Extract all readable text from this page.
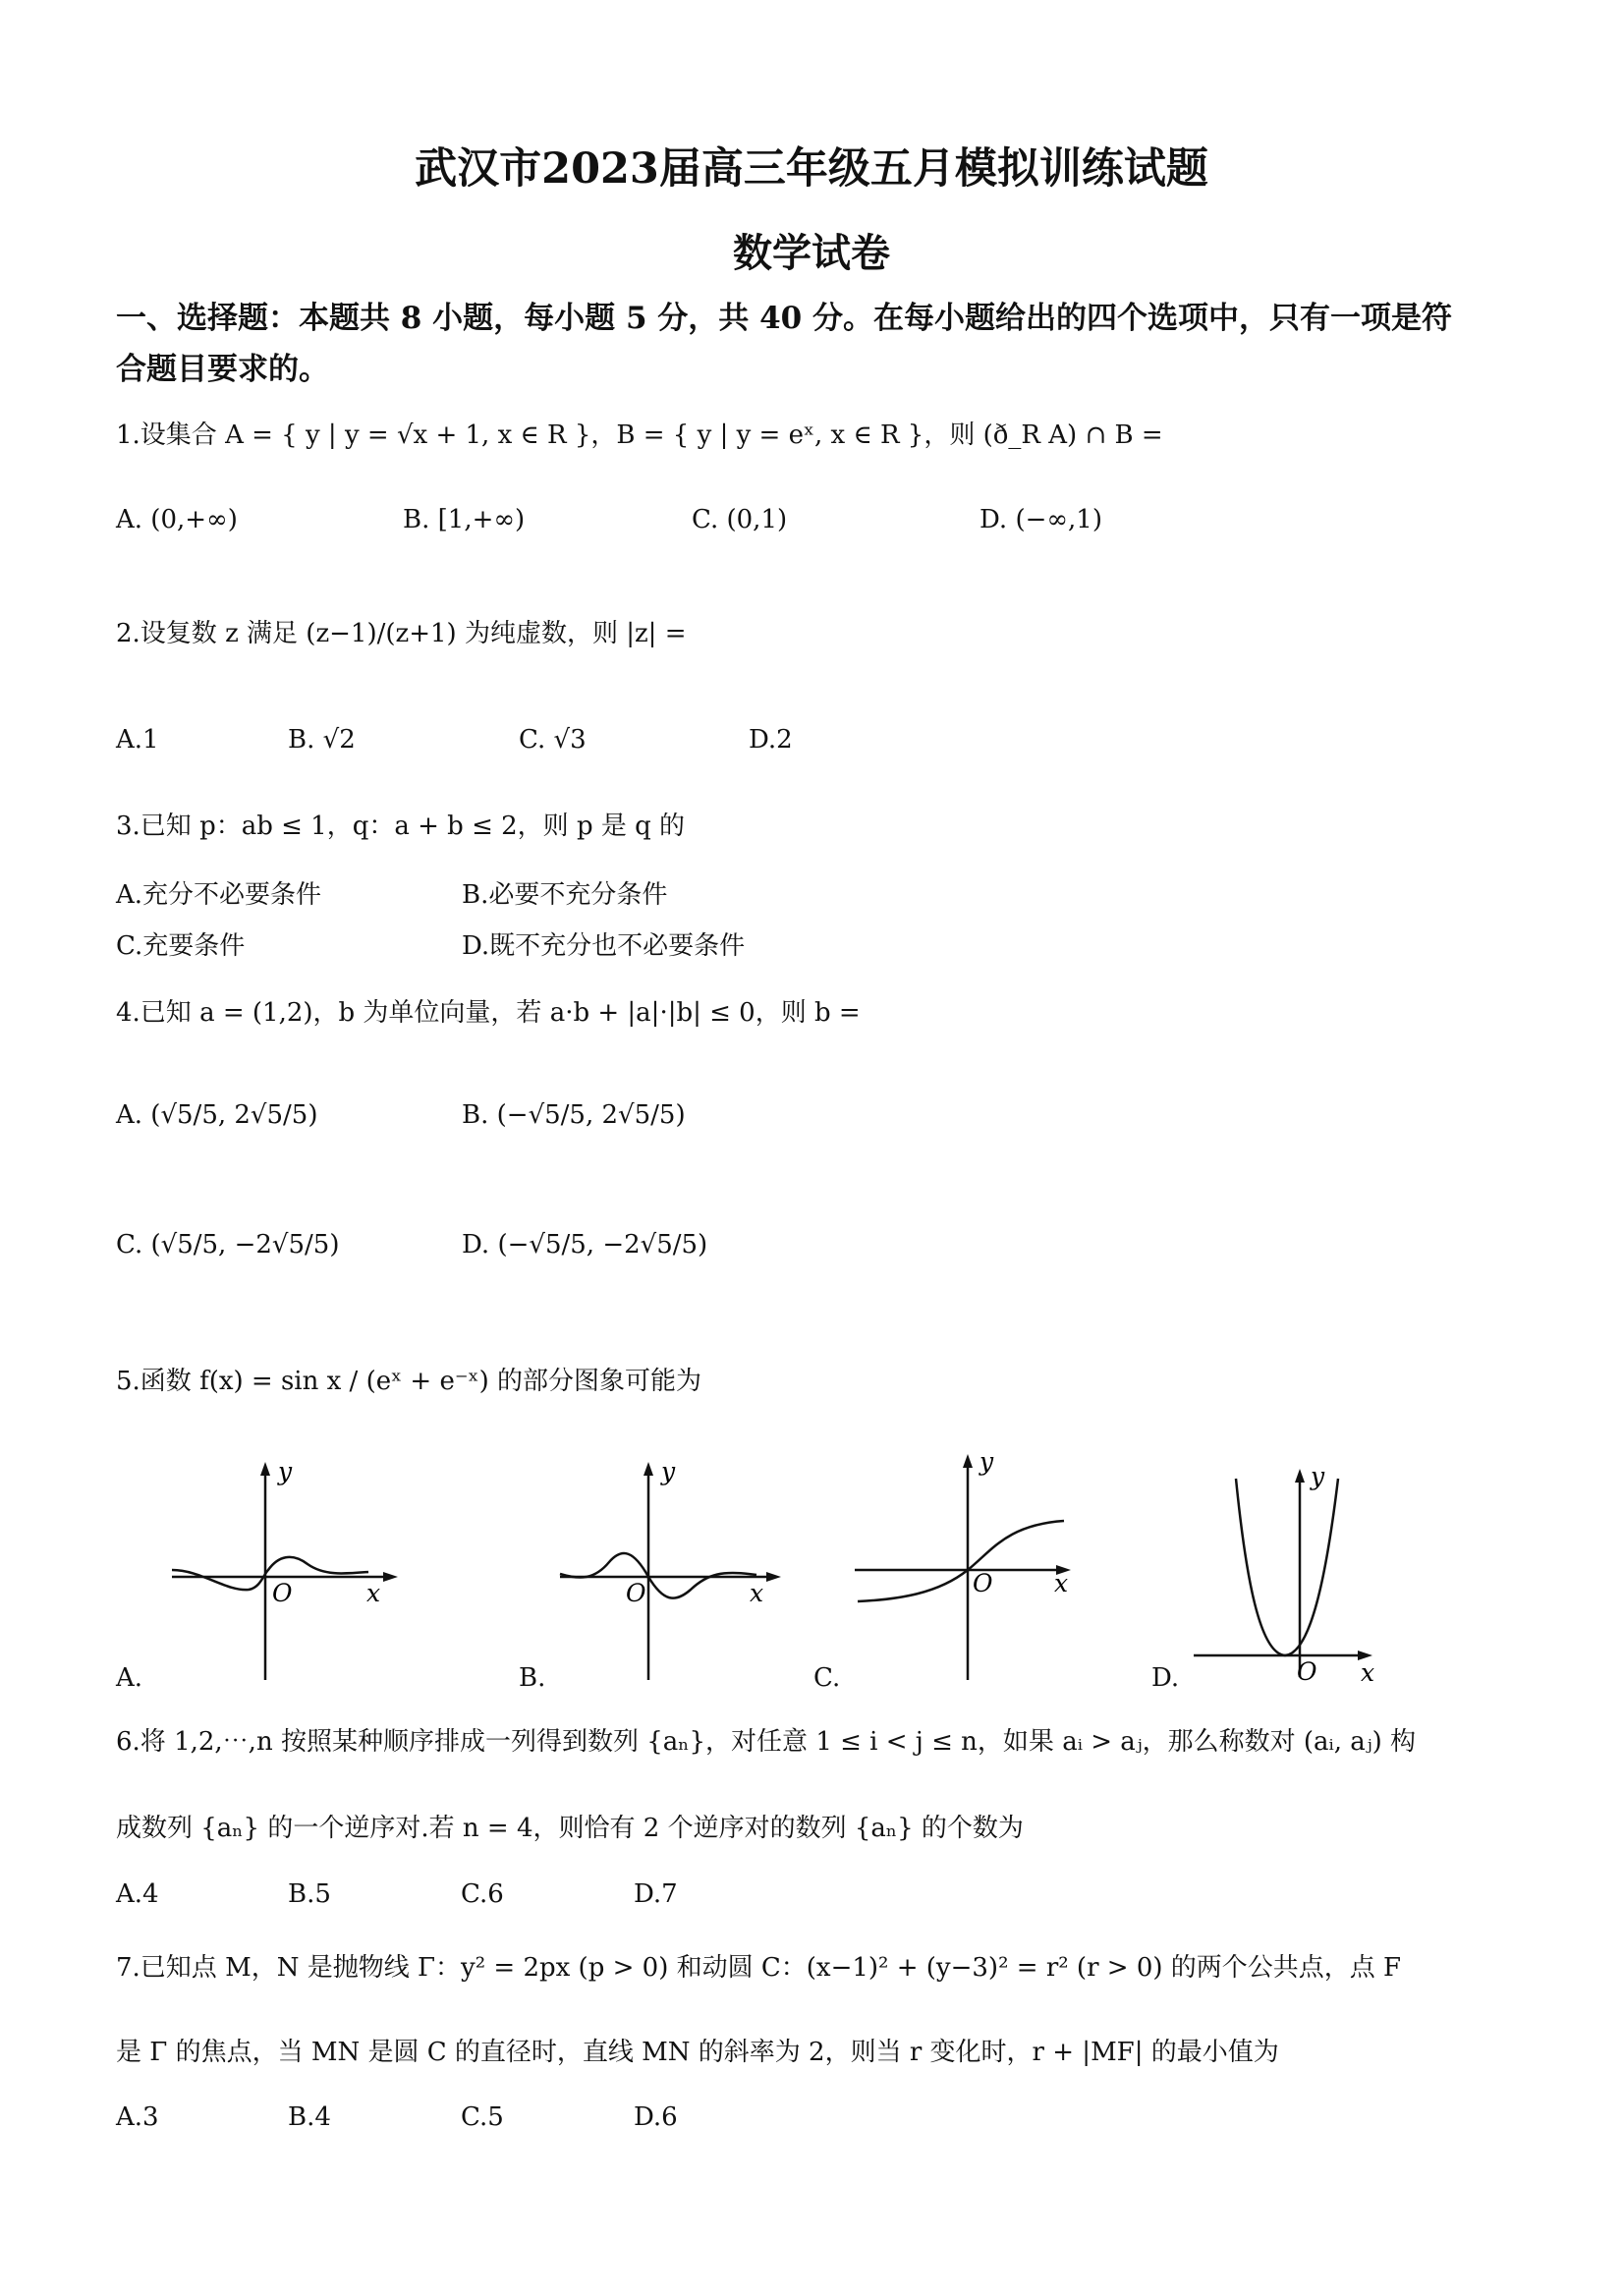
武汉市2023届高三年级五月模拟训练试题
数学试卷
一、选择题：本题共 8 小题，每小题 5 分，共 40 分。在每小题给出的四个选项中，只有一项是符
合题目要求的。
1.设集合 A = { y | y = √x + 1, x ∈ R }，B = { y | y = eˣ, x ∈ R }，则 (ð_R A) ∩ B =
A. (0,+∞)	B. [1,+∞)	C. (0,1)	D. (−∞,1)
2.设复数 z 满足 (z−1)/(z+1) 为纯虚数，则 |z| =
A.1	B. √2	C. √3	D.2
3.已知 p：ab ≤ 1，q：a + b ≤ 2，则 p 是 q 的
A.充分不必要条件	B.必要不充分条件
C.充要条件	D.既不充分也不必要条件
4.已知 a = (1,2)，b 为单位向量，若 a·b + |a|·|b| ≤ 0，则 b =
A. (√5/5, 2√5/5)	B. (−√5/5, 2√5/5)
C. (√5/5, −2√5/5)	D. (−√5/5, −2√5/5)
5.函数 f(x) = sin x / (eˣ + e⁻ˣ) 的部分图象可能为
y
x
O
A.
y
x
O
B.
y
x
O
C.
y
x
O
D.
6.将 1,2,⋯,n 按照某种顺序排成一列得到数列 {aₙ}，对任意 1 ≤ i < j ≤ n，如果 aᵢ > aⱼ，那么称数对 (aᵢ, aⱼ) 构
成数列 {aₙ} 的一个逆序对.若 n = 4，则恰有 2 个逆序对的数列 {aₙ} 的个数为
A.4	B.5	C.6	D.7
7.已知点 M，N 是抛物线 Γ：y² = 2px (p > 0) 和动圆 C：(x−1)² + (y−3)² = r² (r > 0) 的两个公共点，点 F
是 Γ 的焦点，当 MN 是圆 C 的直径时，直线 MN 的斜率为 2，则当 r 变化时，r + |MF| 的最小值为
A.3	B.4	C.5	D.6
